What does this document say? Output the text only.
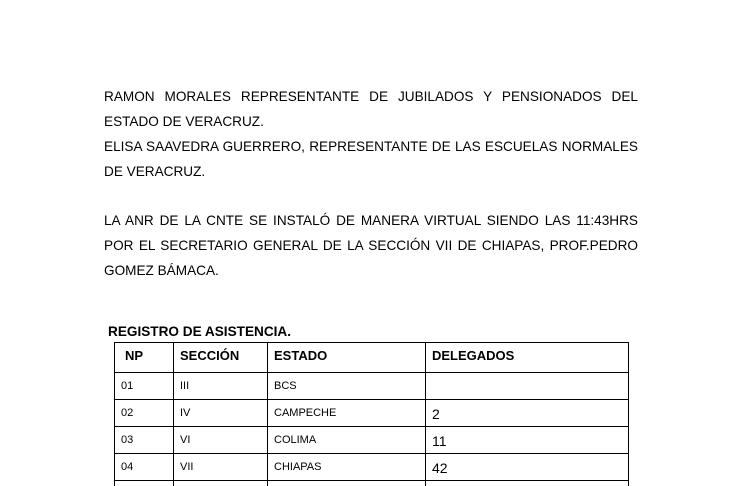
RAMON MORALES REPRESENTANTE DE JUBILADOS Y PENSIONADOS DEL ESTADO DE VERACRUZ.

ELISA SAAVEDRA GUERRERO, REPRESENTANTE DE LAS ESCUELAS NORMALES DE VERACRUZ.

LA ANR DE LA CNTE SE INSTALÓ DE MANERA VIRTUAL SIENDO LAS 11:43HRS POR EL SECRETARIO GENERAL DE LA SECCIÓN VII DE CHIAPAS, PROF.PEDRO GOMEZ BÁMACA.

REGISTRO DE ASISTENCIA.

NP	SECCIÓN	ESTADO	DELEGADOS
01	III	BCS	
02	IV	CAMPECHE	2
03	VI	COLIMA	11
04	VII	CHIAPAS	42
